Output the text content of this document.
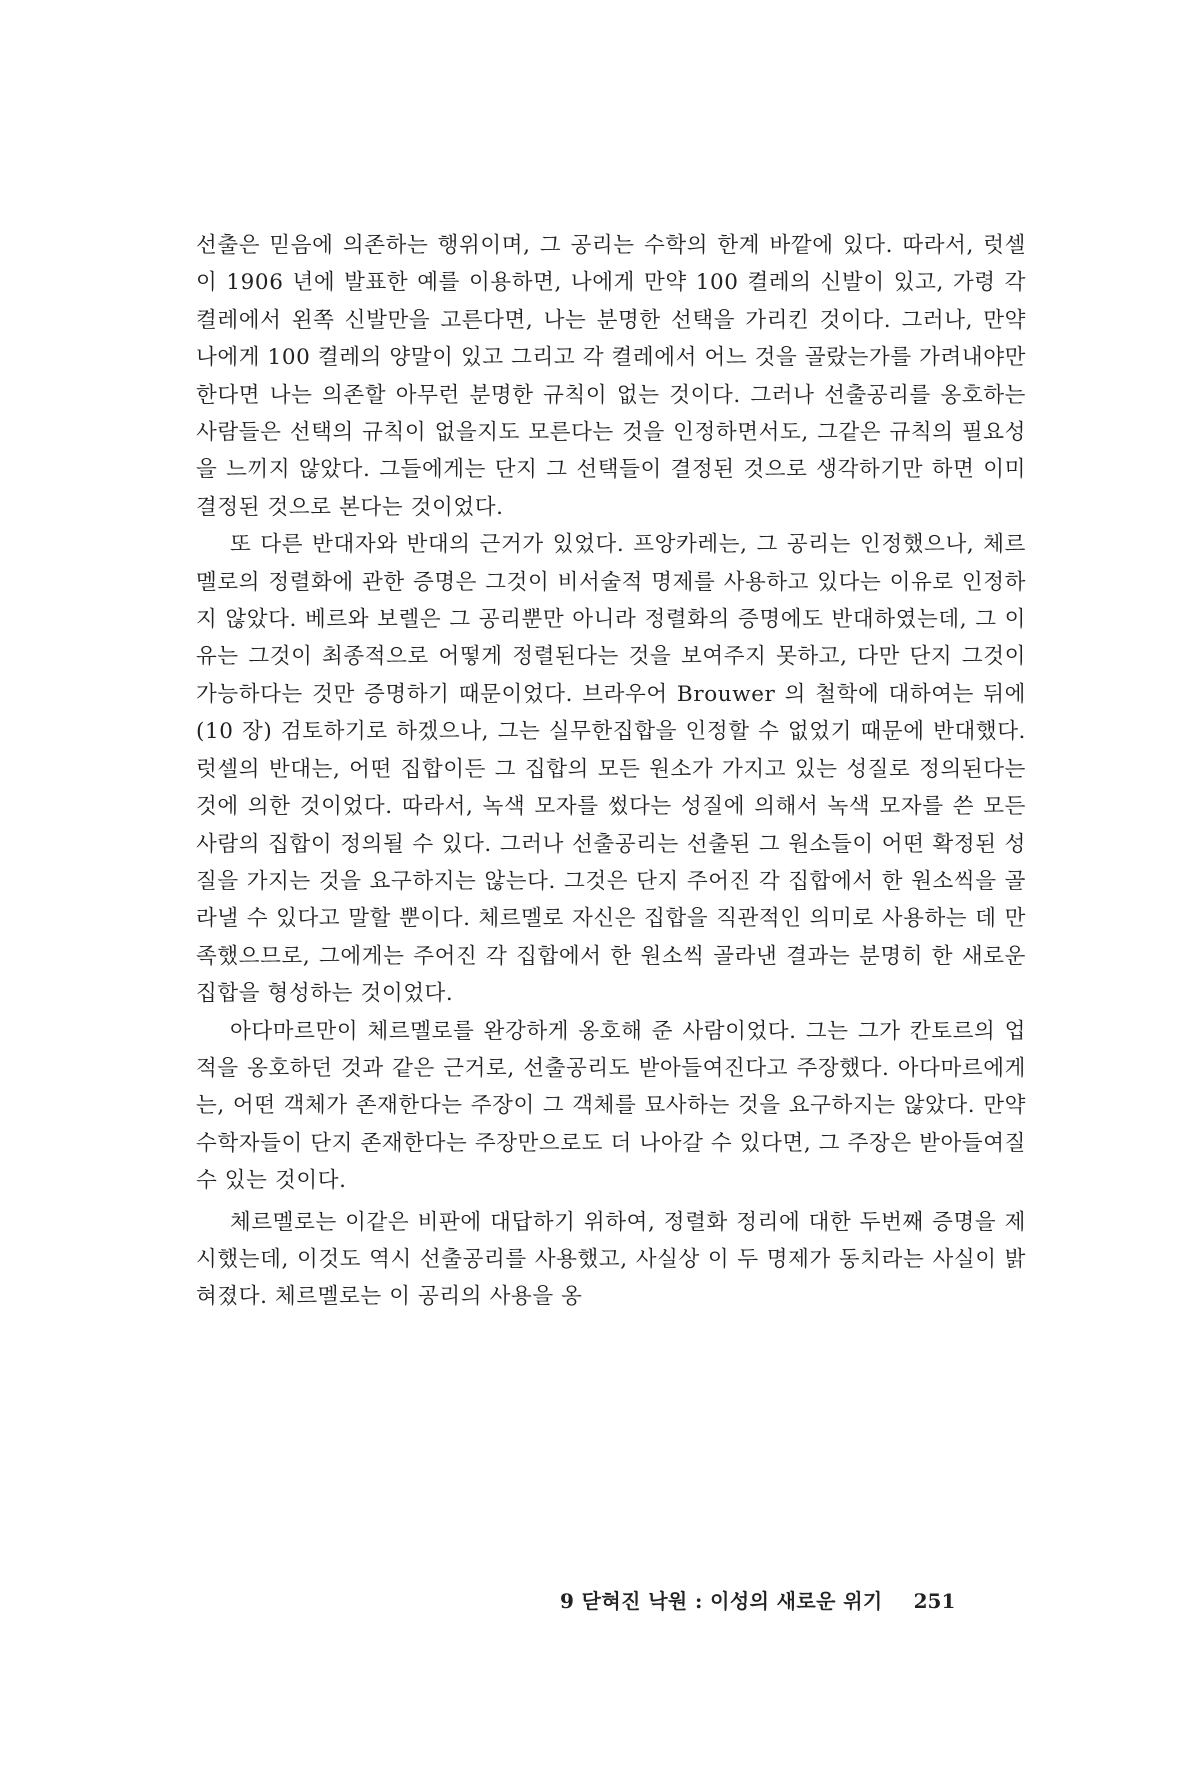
선출은 믿음에 의존하는 행위이며, 그 공리는 수학의 한계 바깥에 있다. 따라서, 럿셀이 1906 년에 발표한 예를 이용하면, 나에게 만약 100 켤레의 신발이 있고, 가령 각 켤레에서 왼쪽 신발만을 고른다면, 나는 분명한 선택을 가리킨 것이다. 그러나, 만약 나에게 100 켤레의 양말이 있고 그리고 각 켤레에서 어느 것을 골랐는가를 가려내야만 한다면 나는 의존할 아무런 분명한 규칙이 없는 것이다. 그러나 선출공리를 옹호하는 사람들은 선택의 규칙이 없을지도 모른다는 것을 인정하면서도, 그같은 규칙의 필요성을 느끼지 않았다. 그들에게는 단지 그 선택들이 결정된 것으로 생각하기만 하면 이미 결정된 것으로 본다는 것이었다.

또 다른 반대자와 반대의 근거가 있었다. 프앙카레는, 그 공리는 인정했으나, 체르멜로의 정렬화에 관한 증명은 그것이 비서술적 명제를 사용하고 있다는 이유로 인정하지 않았다. 베르와 보렐은 그 공리뿐만 아니라 정렬화의 증명에도 반대하였는데, 그 이유는 그것이 최종적으로 어떻게 정렬된다는 것을 보여주지 못하고, 다만 단지 그것이 가능하다는 것만 증명하기 때문이었다. 브라우어 Brouwer 의 철학에 대하여는 뒤에 (10 장) 검토하기로 하겠으나, 그는 실무한집합을 인정할 수 없었기 때문에 반대했다. 럿셀의 반대는, 어떤 집합이든 그 집합의 모든 원소가 가지고 있는 성질로 정의된다는 것에 의한 것이었다. 따라서, 녹색 모자를 썼다는 성질에 의해서 녹색 모자를 쓴 모든 사람의 집합이 정의될 수 있다. 그러나 선출공리는 선출된 그 원소들이 어떤 확정된 성질을 가지는 것을 요구하지는 않는다. 그것은 단지 주어진 각 집합에서 한 원소씩을 골라낼 수 있다고 말할 뿐이다. 체르멜로 자신은 집합을 직관적인 의미로 사용하는 데 만족했으므로, 그에게는 주어진 각 집합에서 한 원소씩 골라낸 결과는 분명히 한 새로운 집합을 형성하는 것이었다.

아다마르만이 체르멜로를 완강하게 옹호해 준 사람이었다. 그는 그가 칸토르의 업적을 옹호하던 것과 같은 근거로, 선출공리도 받아들여진다고 주장했다. 아다마르에게는, 어떤 객체가 존재한다는 주장이 그 객체를 묘사하는 것을 요구하지는 않았다. 만약 수학자들이 단지 존재한다는 주장만으로도 더 나아갈 수 있다면, 그 주장은 받아들여질 수 있는 것이다.

체르멜로는 이같은 비판에 대답하기 위하여, 정렬화 정리에 대한 두번째 증명을 제시했는데, 이것도 역시 선출공리를 사용했고, 사실상 이 두 명제가 동치라는 사실이 밝혀졌다. 체르멜로는 이 공리의 사용을 옹

9 닫혀진 낙원 : 이성의 새로운 위기 251
